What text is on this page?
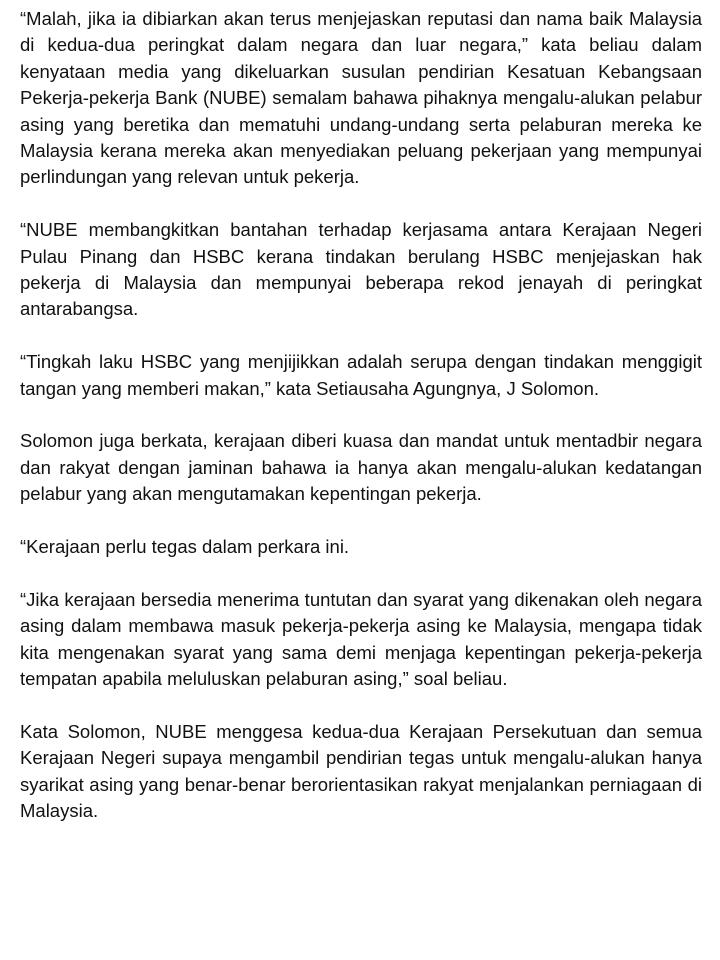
“Malah, jika ia dibiarkan akan terus menjejaskan reputasi dan nama baik Malaysia di kedua-dua peringkat dalam negara dan luar negara,” kata beliau dalam kenyataan media yang dikeluarkan susulan pendirian Kesatuan Kebangsaan Pekerja-pekerja Bank (NUBE) semalam bahawa pihaknya mengalu-alukan pelabur asing yang beretika dan mematuhi undang-undang serta pelaburan mereka ke Malaysia kerana mereka akan menyediakan peluang pekerjaan yang mempunyai perlindungan yang relevan untuk pekerja.

“NUBE membangkitkan bantahan terhadap kerjasama antara Kerajaan Negeri Pulau Pinang dan HSBC kerana tindakan berulang HSBC menjejaskan hak pekerja di Malaysia dan mempunyai beberapa rekod jenayah di peringkat antarabangsa.

“Tingkah laku HSBC yang menjijikkan adalah serupa dengan tindakan menggigit tangan yang memberi makan,” kata Setiausaha Agungnya, J Solomon.

Solomon juga berkata, kerajaan diberi kuasa dan mandat untuk mentadbir negara dan rakyat dengan jaminan bahawa ia hanya akan mengalu-alukan kedatangan pelabur yang akan mengutamakan kepentingan pekerja.

“Kerajaan perlu tegas dalam perkara ini.

“Jika kerajaan bersedia menerima tuntutan dan syarat yang dikenakan oleh negara asing dalam membawa masuk pekerja-pekerja asing ke Malaysia, mengapa tidak kita mengenakan syarat yang sama demi menjaga kepentingan pekerja-pekerja tempatan apabila meluluskan pelaburan asing,” soal beliau.

Kata Solomon, NUBE menggesa kedua-dua Kerajaan Persekutuan dan semua Kerajaan Negeri supaya mengambil pendirian tegas untuk mengalu-alukan hanya syarikat asing yang benar-benar berorientasikan rakyat menjalankan perniagaan di Malaysia.
